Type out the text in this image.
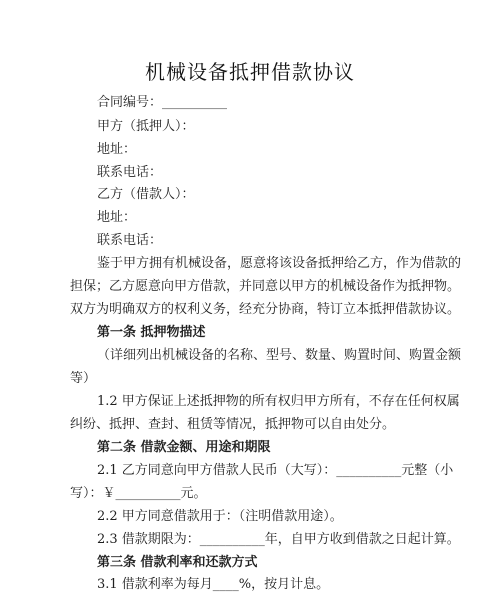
机械设备抵押借款协议
合同编号：__________
甲方（抵押人）：
地址：
联系电话：
乙方（借款人）：
地址：
联系电话：
鉴于甲方拥有机械设备，愿意将该设备抵押给乙方，作为借款的
担保；乙方愿意向甲方借款，并同意以甲方的机械设备作为抵押物。
双方为明确双方的权利义务，经充分协商，特订立本抵押借款协议。
第一条 抵押物描述
（详细列出机械设备的名称、型号、数量、购置时间、购置金额
等）
1.2 甲方保证上述抵押物的所有权归甲方所有，不存在任何权属
纠纷、抵押、查封、租赁等情况，抵押物可以自由处分。
第二条 借款金额、用途和期限
2.1 乙方同意向甲方借款人民币（大写）：__________元整（小
写）：￥__________元。
2.2 甲方同意借款用于：（注明借款用途）。
2.3 借款期限为：__________年，自甲方收到借款之日起计算。
第三条 借款利率和还款方式
3.1 借款利率为每月____%，按月计息。
